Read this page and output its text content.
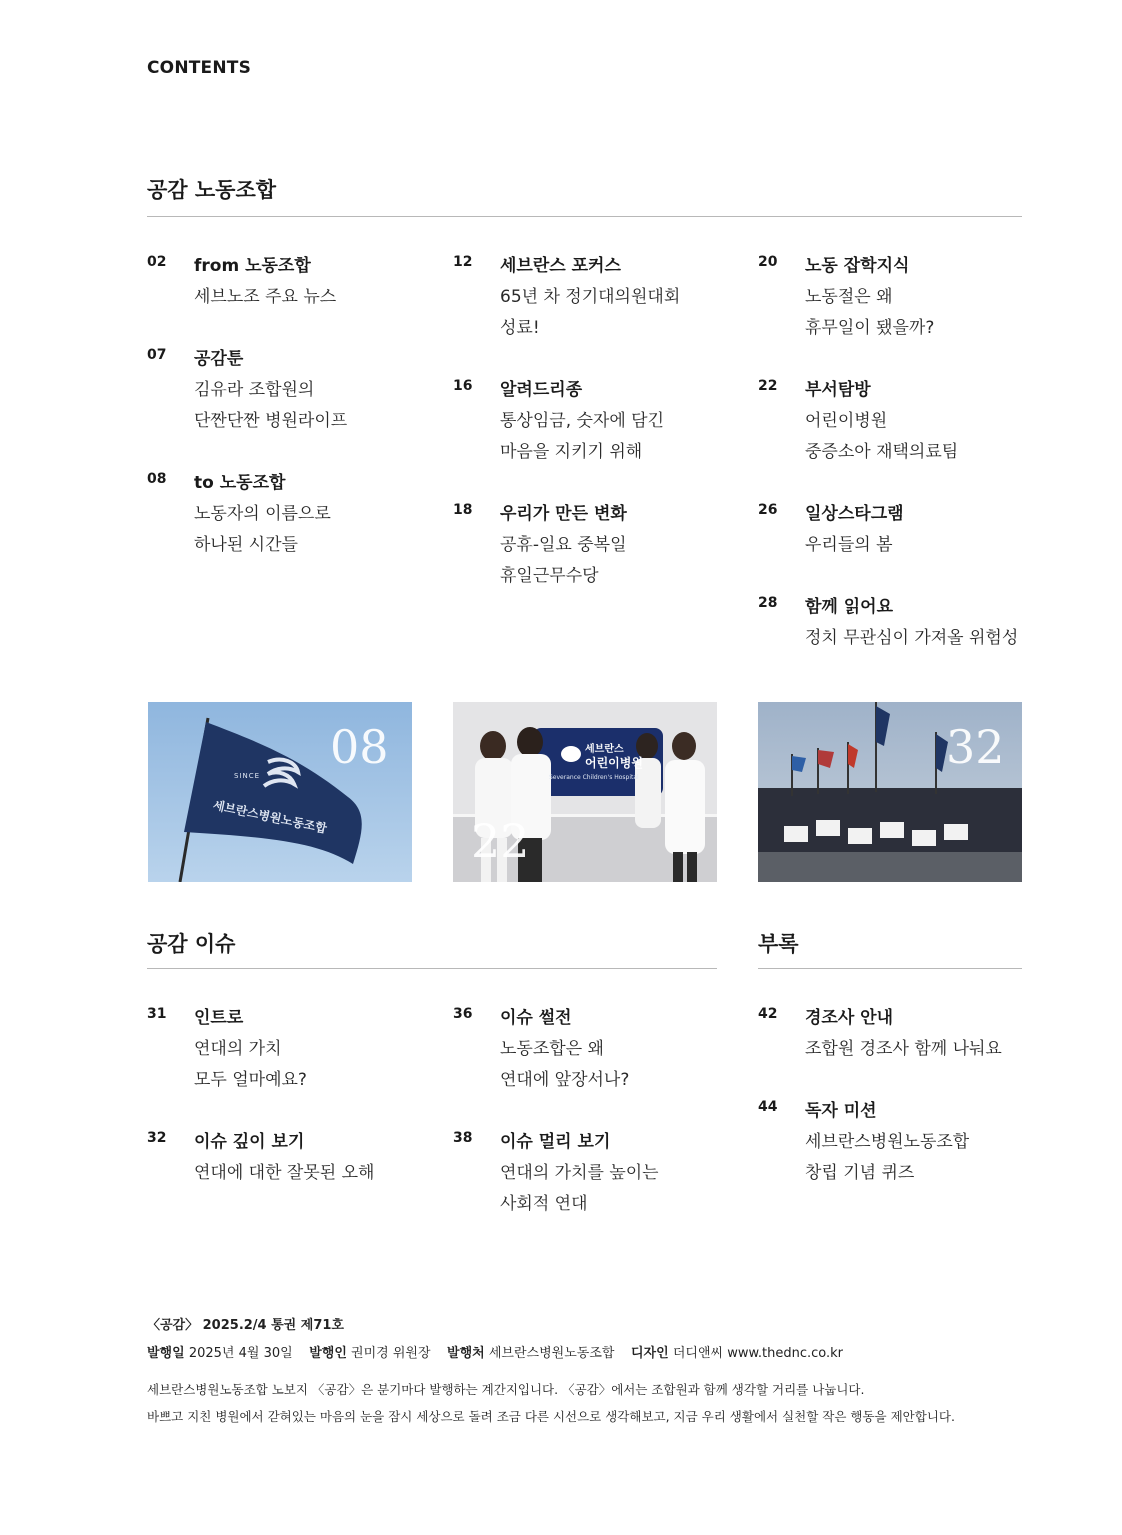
CONTENTS
공감 노동조합
02 from 노동조합
세브노조 주요 뉴스
07 공감툰
김유라 조합원의
단짠단짠 병원라이프
08 to 노동조합
노동자의 이름으로
하나된 시간들
12 세브란스 포커스
65년 차 정기대의원대회
성료!
16 알려드리종
통상임금, 숫자에 담긴
마음을 지키기 위해
18 우리가 만든 변화
공휴-일요 중복일
휴일근무수당
20 노동 잡학지식
노동절은 왜
휴무일이 됐을까?
22 부서탐방
어린이병원
중증소아 재택의료팀
26 일상스타그램
우리들의 봄
28 함께 읽어요
정치 무관심이 가져올 위험성
SINCE
세브란스병원노동조합
08	세브란스
어린이병원
Severance Children's Hospital
22
32
공감 이슈	부록
31 인트로
연대의 가치
모두 얼마예요?
32 이슈 깊이 보기
연대에 대한 잘못된 오해
36 이슈 썰전
노동조합은 왜
연대에 앞장서나?
38 이슈 멀리 보기
연대의 가치를 높이는
사회적 연대
42 경조사 안내
조합원 경조사 함께 나눠요
44 독자 미션
세브란스병원노동조합
창립 기념 퀴즈
〈공감〉 2025.2/4 통권 제71호
발행일 2025년 4월 30일 발행인 권미경 위원장 발행처 세브란스병원노동조합 디자인 더디앤씨 www.thednc.co.kr
세브란스병원노동조합 노보지 〈공감〉은 분기마다 발행하는 계간지입니다. 〈공감〉에서는 조합원과 함께 생각할 거리를 나눕니다.
바쁘고 지친 병원에서 갇혀있는 마음의 눈을 잠시 세상으로 돌려 조금 다른 시선으로 생각해보고, 지금 우리 생활에서 실천할 작은 행동을 제안합니다.
